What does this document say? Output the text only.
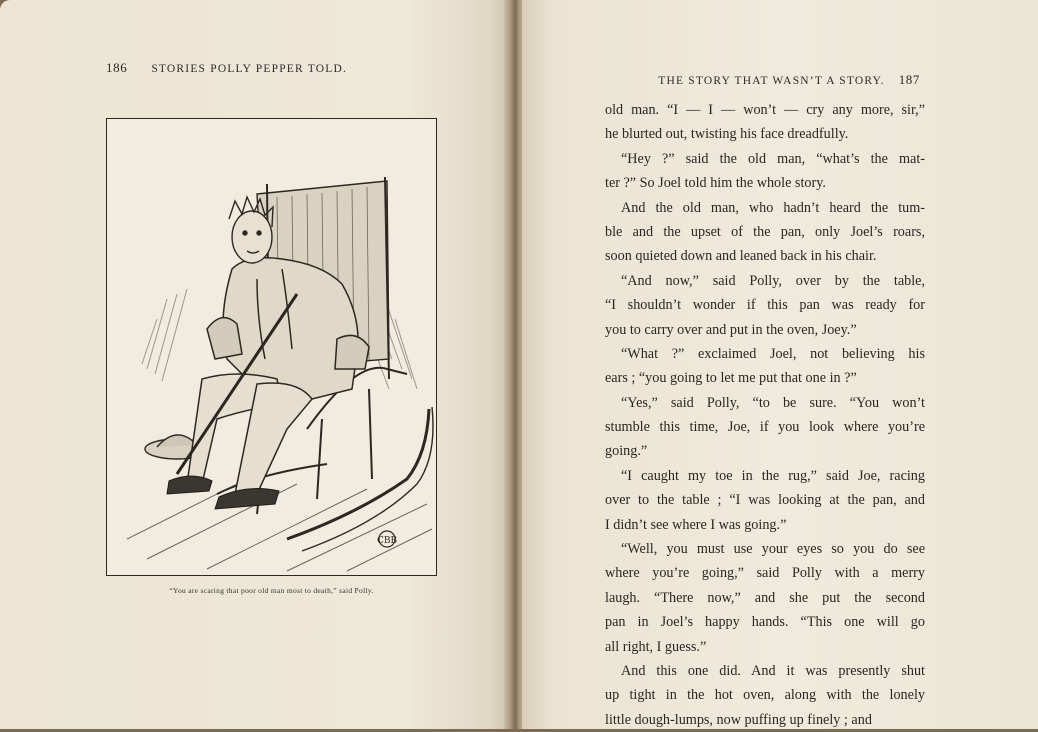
186 STORIES POLLY PEPPER TOLD.
CBB
“You are scaring that poor old man most to death,” said Polly.
THE STORY THAT WASN’T A STORY. 187
old man. “I — I — won’t — cry any more, sir,”
he blurted out, twisting his face dreadfully.
“Hey ?” said the old man, “what’s the mat-
ter ?” So Joel told him the whole story.
And the old man, who hadn’t heard the tum-
ble and the upset of the pan, only Joel’s roars,
soon quieted down and leaned back in his chair.
“And now,” said Polly, over by the table,
“I shouldn’t wonder if this pan was ready for
you to carry over and put in the oven, Joey.”
“What ?” exclaimed Joel, not believing his
ears ; “you going to let me put that one in ?”
“Yes,” said Polly, “to be sure. “You won’t
stumble this time, Joe, if you look where you’re
going.”
“I caught my toe in the rug,” said Joe, racing
over to the table ; “I was looking at the pan, and
I didn’t see where I was going.”
“Well, you must use your eyes so you do see
where you’re going,” said Polly with a merry
laugh. “There now,” and she put the second
pan in Joel’s happy hands. “This one will go
all right, I guess.”
And this one did. And it was presently shut
up tight in the hot oven, along with the lonely
little dough-lumps, now puffing up finely ; and
